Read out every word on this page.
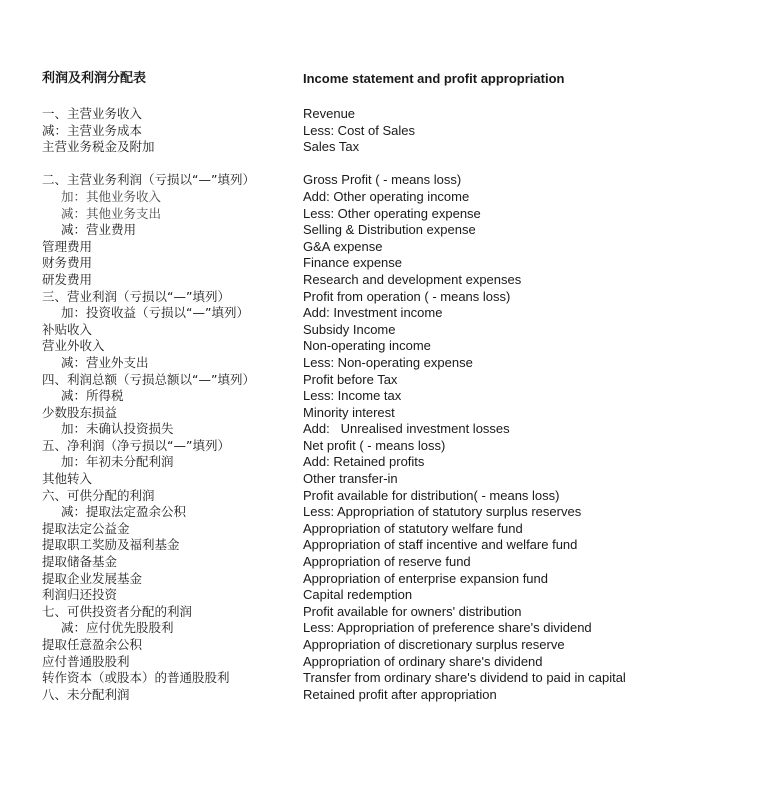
利润及利润分配表	Income statement and profit appropriation
一、主营业务收入	Revenue
减：主营业务成本	Less: Cost of Sales
主营业务税金及附加	Sales Tax
二、主营业务利润（亏损以“—”填列）	Gross Profit ( - means loss)
加：其他业务收入	Add: Other operating income
减：其他业务支出	Less: Other operating expense
减：营业费用	Selling & Distribution expense
管理费用	G&A expense
财务费用	Finance expense
研发费用	Research and development expenses
三、营业利润（亏损以“—”填列）	Profit from operation ( - means loss)
加：投资收益（亏损以“—”填列）	Add: Investment income
补贴收入	Subsidy Income
营业外收入	Non-operating income
减：营业外支出	Less: Non-operating expense
四、利润总额（亏损总额以“—”填列）	Profit before Tax
减：所得税	Less: Income tax
少数股东损益	Minority interest
加：未确认投资损失	Add:   Unrealised investment losses
五、净利润（净亏损以“—”填列）	Net profit ( - means loss)
加：年初未分配利润	Add: Retained profits
其他转入	Other transfer-in
六、可供分配的利润	Profit available for distribution( - means loss)
减：提取法定盈余公积	Less: Appropriation of statutory surplus reserves
提取法定公益金	Appropriation of statutory welfare fund
提取职工奖励及福利基金	Appropriation of staff incentive and welfare fund
提取储备基金	Appropriation of reserve fund
提取企业发展基金	Appropriation of enterprise expansion fund
利润归还投资	Capital redemption
七、可供投资者分配的利润	Profit available for owners' distribution
减：应付优先股股利	Less: Appropriation of preference share's dividend
提取任意盈余公积	Appropriation of discretionary surplus reserve
应付普通股股利	Appropriation of ordinary share's dividend
转作资本（或股本）的普通股股利	Transfer from ordinary share's dividend to paid in capital
八、未分配利润	Retained profit after appropriation
